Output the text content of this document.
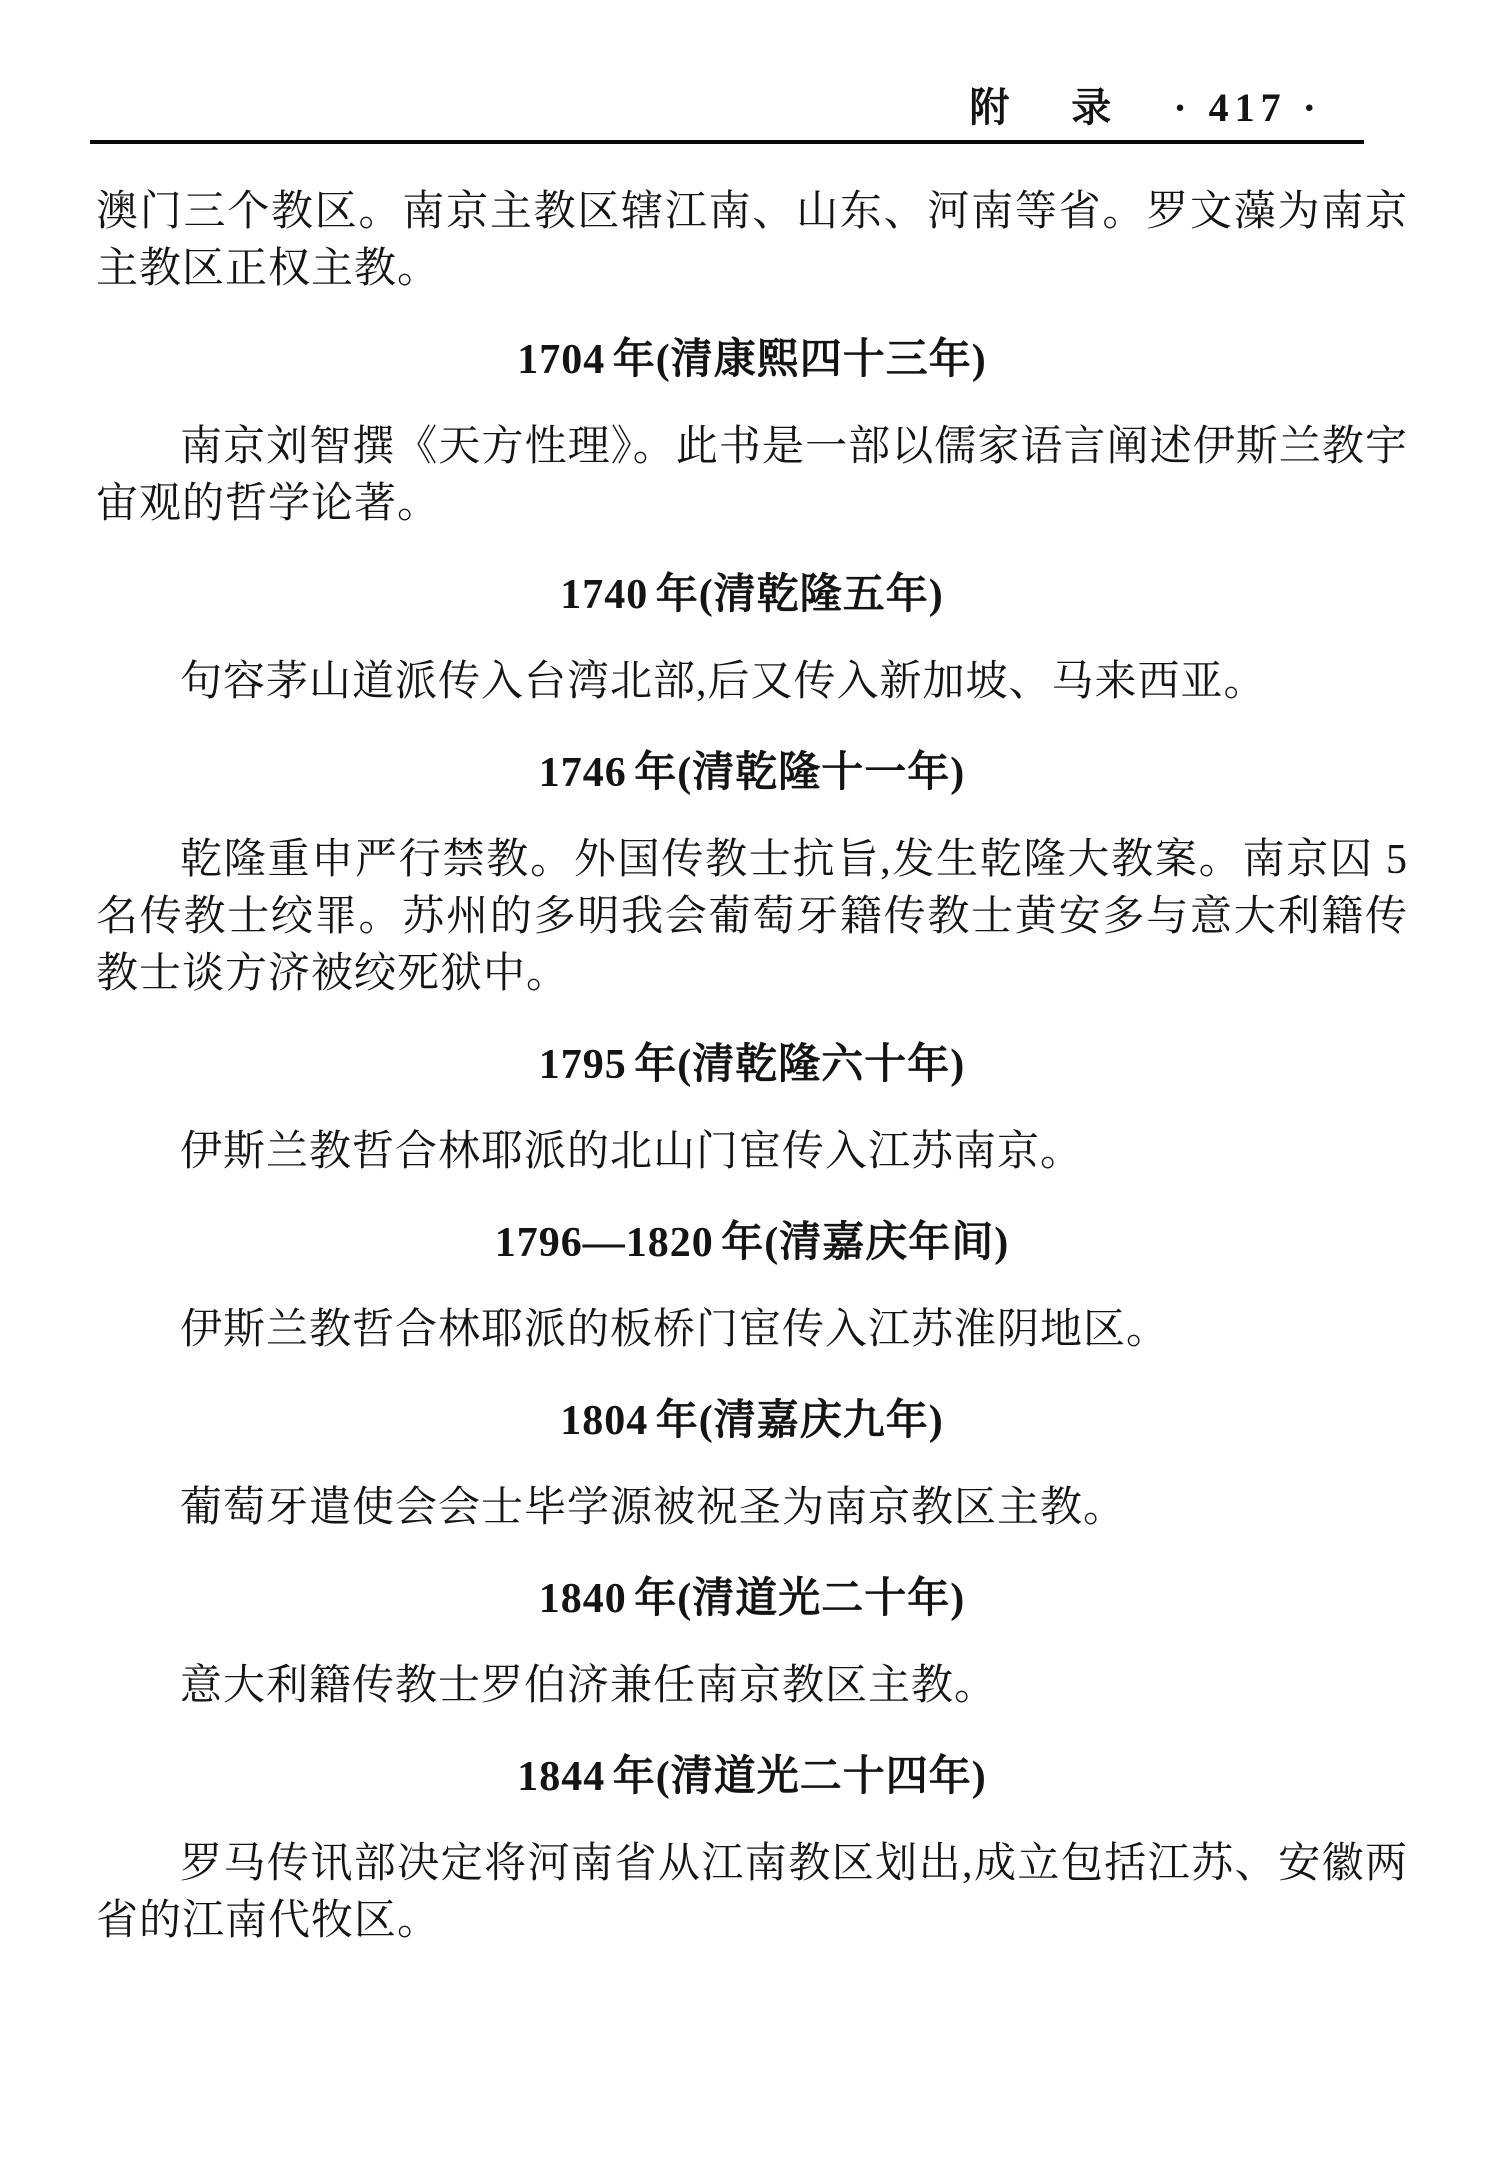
附录 · 417 ·

澳门三个教区。南京主教区辖江南、山东、河南等省。罗文藻为南京主教区正权主教。

1704 年(清康熙四十三年)

南京刘智撰《天方性理》。此书是一部以儒家语言阐述伊斯兰教宇宙观的哲学论著。

1740 年(清乾隆五年)

句容茅山道派传入台湾北部,后又传入新加坡、马来西亚。

1746 年(清乾隆十一年)

乾隆重申严行禁教。外国传教士抗旨,发生乾隆大教案。南京囚 5 名传教士绞罪。苏州的多明我会葡萄牙籍传教士黄安多与意大利籍传教士谈方济被绞死狱中。

1795 年(清乾隆六十年)

伊斯兰教哲合林耶派的北山门宦传入江苏南京。

1796—1820 年(清嘉庆年间)

伊斯兰教哲合林耶派的板桥门宦传入江苏淮阴地区。

1804 年(清嘉庆九年)

葡萄牙遣使会会士毕学源被祝圣为南京教区主教。

1840 年(清道光二十年)

意大利籍传教士罗伯济兼任南京教区主教。

1844 年(清道光二十四年)

罗马传讯部决定将河南省从江南教区划出,成立包括江苏、安徽两省的江南代牧区。
